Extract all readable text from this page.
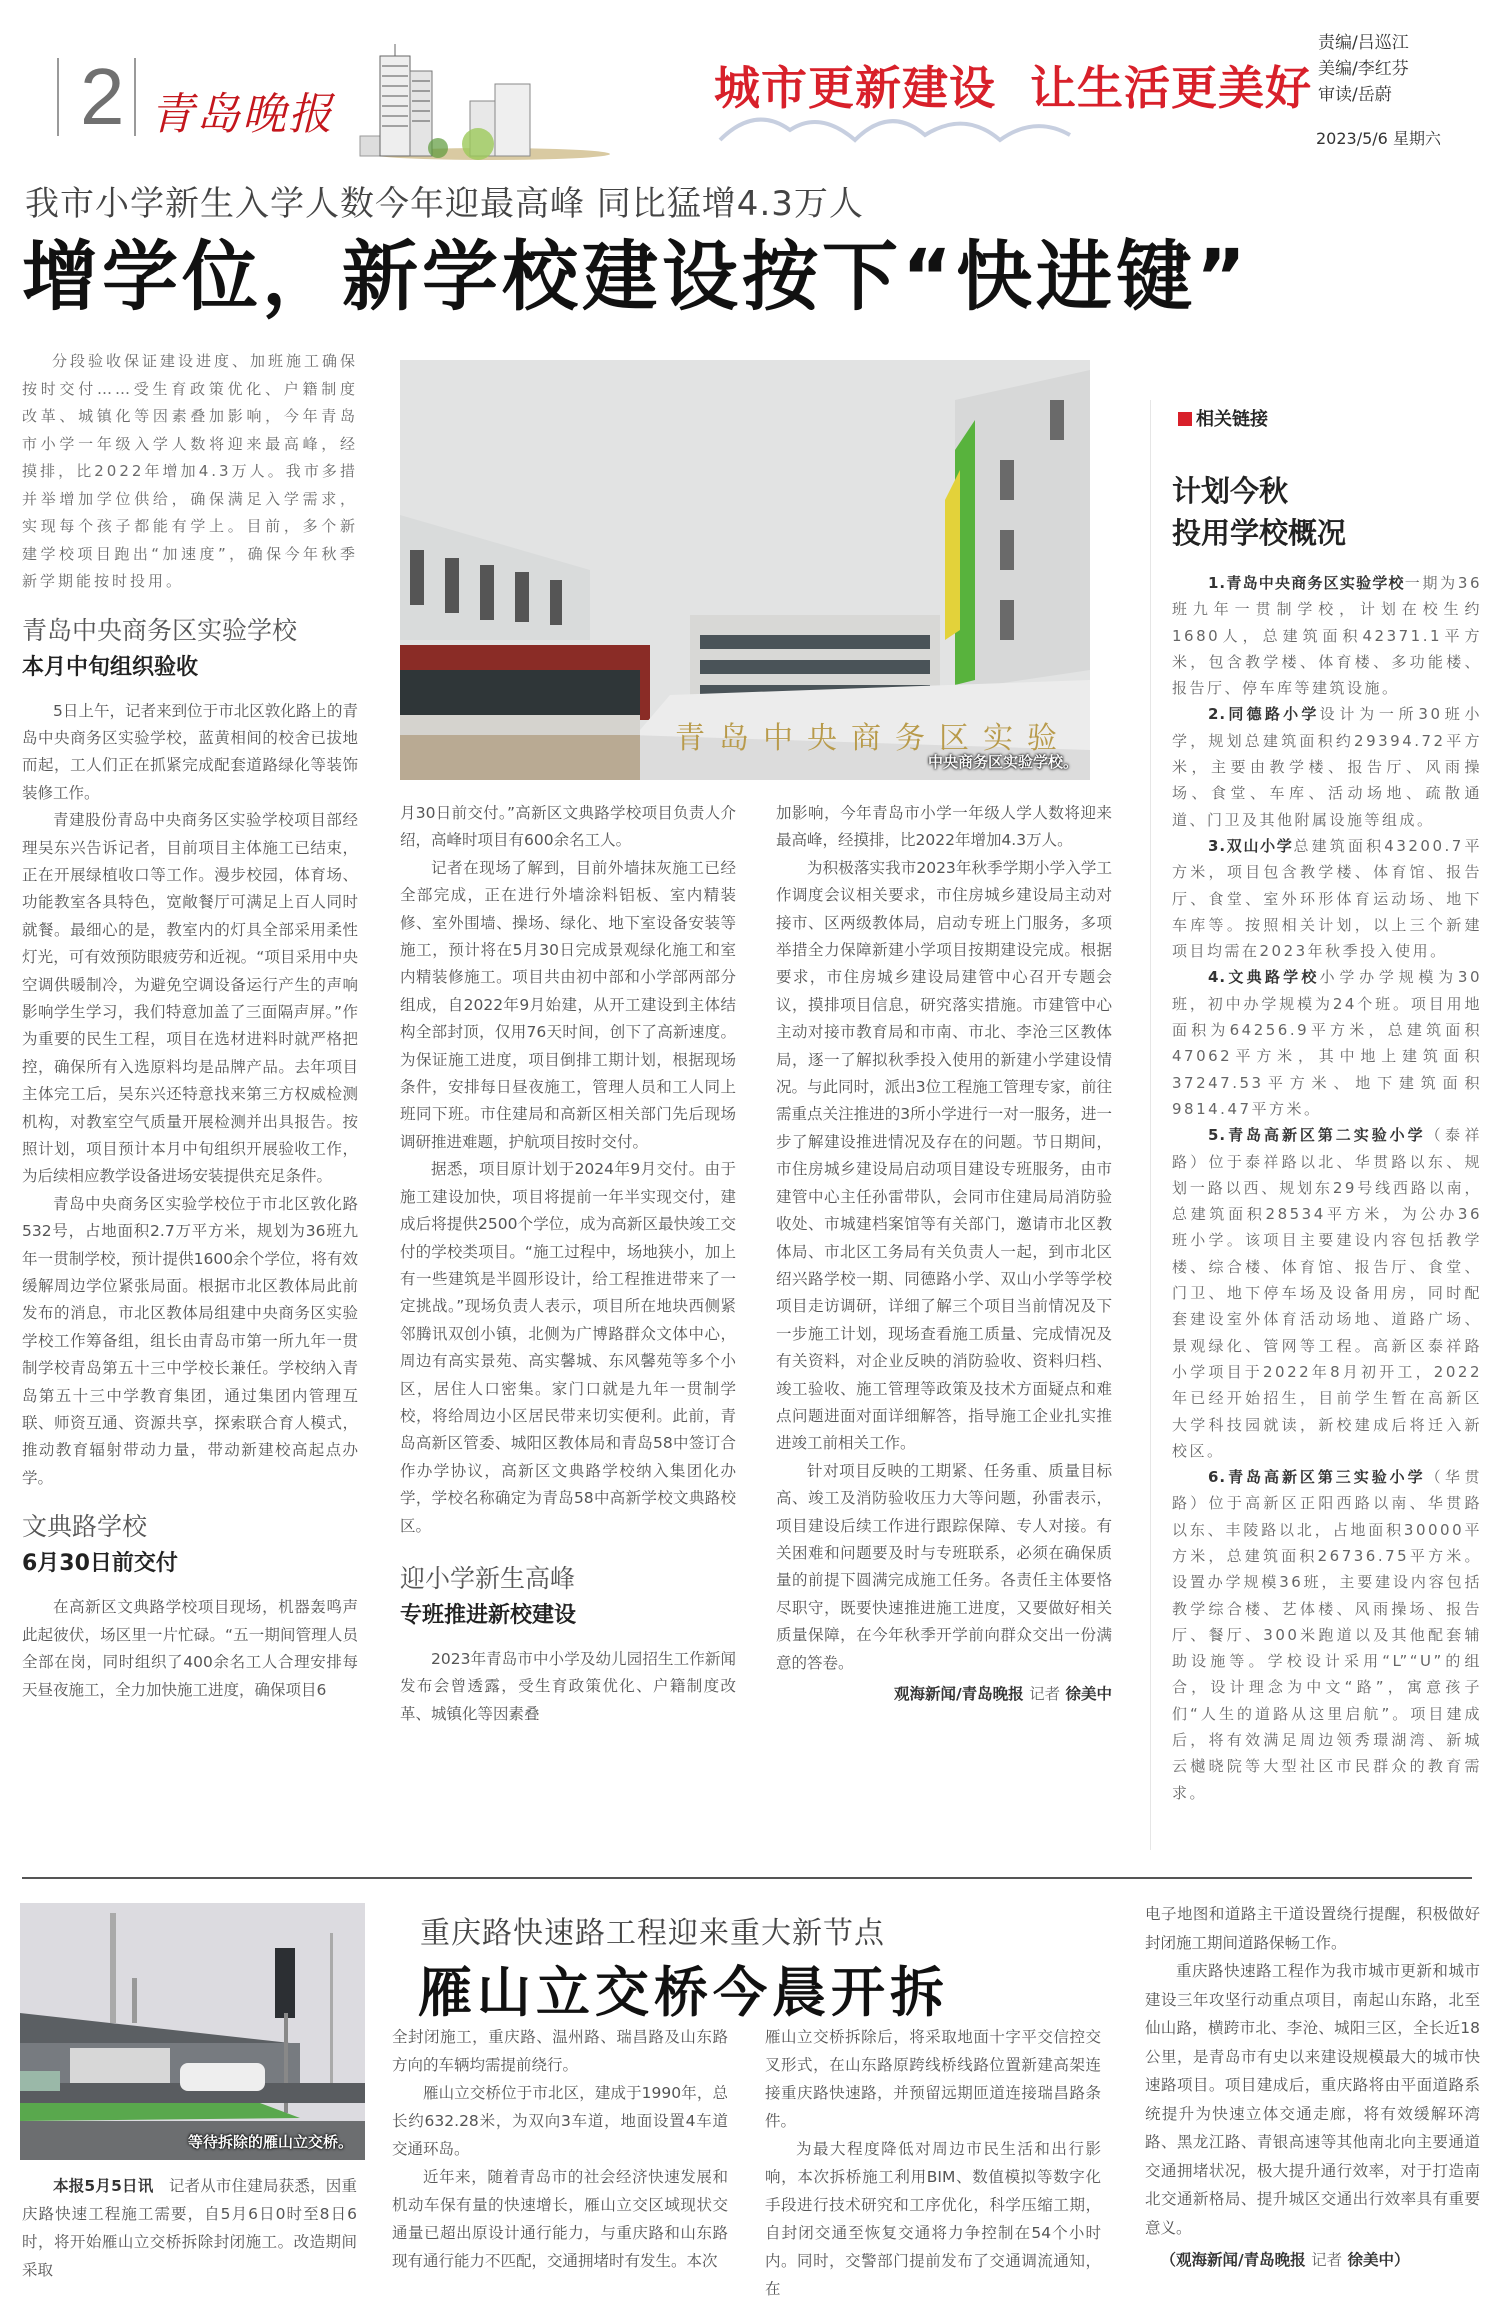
2 青岛晚报	城市更新建设  让生活更美好
责编/吕巡江
美编/李红芬
审读/岳蔚
2023/5/6 星期六
我市小学新生入学人数今年迎最高峰 同比猛增4.3万人
增学位，新学校建设按下“快进键”

分段验收保证建设进度、加班施工确保按时交付……受生育政策优化、户籍制度改革、城镇化等因素叠加影响，今年青岛市小学一年级入学人数将迎来最高峰，经摸排，比2022年增加4.3万人。我市多措并举增加学位供给，确保满足入学需求，实现每个孩子都能有学上。目前，多个新建学校项目跑出“加速度”，确保今年秋季新学期能按时投用。

青岛中央商务区实验学校
本月中旬组织验收

5日上午，记者来到位于市北区敦化路上的青岛中央商务区实验学校，蓝黄相间的校舍已拔地而起，工人们正在抓紧完成配套道路绿化等装饰装修工作。

青建股份青岛中央商务区实验学校项目部经理吴东兴告诉记者，目前项目主体施工已结束，正在开展绿植收口等工作。漫步校园，体育场、功能教室各具特色，宽敞餐厅可满足上百人同时就餐。最细心的是，教室内的灯具全部采用柔性灯光，可有效预防眼疲劳和近视。“项目采用中央空调供暖制冷，为避免空调设备运行产生的声响影响学生学习，我们特意加盖了三面隔声屏。”作为重要的民生工程，项目在选材进料时就严格把控，确保所有入选原料均是品牌产品。去年项目主体完工后，吴东兴还特意找来第三方权威检测机构，对教室空气质量开展检测并出具报告。按照计划，项目预计本月中旬组织开展验收工作，为后续相应教学设备进场安装提供充足条件。

青岛中央商务区实验学校位于市北区敦化路532号，占地面积2.7万平方米，规划为36班九年一贯制学校，预计提供1600余个学位，将有效缓解周边学位紧张局面。根据市北区教体局此前发布的消息，市北区教体局组建中央商务区实验学校工作筹备组，组长由青岛市第一所九年一贯制学校青岛第五十三中学校长兼任。学校纳入青岛第五十三中学教育集团，通过集团内管理互联、师资互通、资源共享，探索联合育人模式，推动教育辐射带动力量，带动新建校高起点办学。

文典路学校
6月30日前交付

在高新区文典路学校项目现场，机器轰鸣声此起彼伏，场区里一片忙碌。“五一期间管理人员全部在岗，同时组织了400余名工人合理安排每天昼夜施工，全力加快施工进度，确保项目6

青岛中央商务区实验
中央商务区实验学校。

月30日前交付。”高新区文典路学校项目负责人介绍，高峰时项目有600余名工人。

记者在现场了解到，目前外墙抹灰施工已经全部完成，正在进行外墙涂料铝板、室内精装修、室外围墙、操场、绿化、地下室设备安装等施工，预计将在5月30日完成景观绿化施工和室内精装修施工。项目共由初中部和小学部两部分组成，自2022年9月始建，从开工建设到主体结构全部封顶，仅用76天时间，创下了高新速度。为保证施工进度，项目倒排工期计划，根据现场条件，安排每日昼夜施工，管理人员和工人同上班同下班。市住建局和高新区相关部门先后现场调研推进难题，护航项目按时交付。

据悉，项目原计划于2024年9月交付。由于施工建设加快，项目将提前一年半实现交付，建成后将提供2500个学位，成为高新区最快竣工交付的学校类项目。“施工过程中，场地狭小，加上有一些建筑是半圆形设计，给工程推进带来了一定挑战。”现场负责人表示，项目所在地块西侧紧邻腾讯双创小镇，北侧为广博路群众文体中心，周边有高实景苑、高实馨城、东风馨苑等多个小区，居住人口密集。家门口就是九年一贯制学校，将给周边小区居民带来切实便利。此前，青岛高新区管委、城阳区教体局和青岛58中签订合作办学协议，高新区文典路学校纳入集团化办学，学校名称确定为青岛58中高新学校文典路校区。

迎小学新生高峰
专班推进新校建设

2023年青岛市中小学及幼儿园招生工作新闻发布会曾透露，受生育政策优化、户籍制度改革、城镇化等因素叠

加影响，今年青岛市小学一年级人学人数将迎来最高峰，经摸排，比2022年增加4.3万人。

为积极落实我市2023年秋季学期小学入学工作调度会议相关要求，市住房城乡建设局主动对接市、区两级教体局，启动专班上门服务，多项举措全力保障新建小学项目按期建设完成。根据要求，市住房城乡建设局建管中心召开专题会议，摸排项目信息，研究落实措施。市建管中心主动对接市教育局和市南、市北、李沧三区教体局，逐一了解拟秋季投入使用的新建小学建设情况。与此同时，派出3位工程施工管理专家，前往需重点关注推进的3所小学进行一对一服务，进一步了解建设推进情况及存在的问题。节日期间，市住房城乡建设局启动项目建设专班服务，由市建管中心主任孙雷带队，会同市住建局局消防验收处、市城建档案馆等有关部门，邀请市北区教体局、市北区工务局有关负责人一起，到市北区绍兴路学校一期、同德路小学、双山小学等学校项目走访调研，详细了解三个项目当前情况及下一步施工计划，现场查看施工质量、完成情况及有关资料，对企业反映的消防验收、资料归档、竣工验收、施工管理等政策及技术方面疑点和难点问题进面对面详细解答，指导施工企业扎实推进竣工前相关工作。

针对项目反映的工期紧、任务重、质量目标高、竣工及消防验收压力大等问题，孙雷表示，项目建设后续工作进行跟踪保障、专人对接。有关困难和问题要及时与专班联系，必须在确保质量的前提下圆满完成施工任务。各责任主体要恪尽职守，既要快速推进施工进度，又要做好相关质量保障，在今年秋季开学前向群众交出一份满意的答卷。

观海新闻/青岛晚报 记者 徐美中
相关链接
计划今秋
投用学校概况

1.青岛中央商务区实验学校一期为36班九年一贯制学校，计划在校生约1680人，总建筑面积42371.1平方米，包含教学楼、体育楼、多功能楼、报告厅、停车库等建筑设施。

2.同德路小学设计为一所30班小学，规划总建筑面积约29394.72平方米，主要由教学楼、报告厅、风雨操场、食堂、车库、活动场地、疏散通道、门卫及其他附属设施等组成。

3.双山小学总建筑面积43200.7平方米，项目包含教学楼、体育馆、报告厅、食堂、室外环形体育运动场、地下车库等。按照相关计划，以上三个新建项目均需在2023年秋季投入使用。

4.文典路学校小学办学规模为30班，初中办学规模为24个班。项目用地面积为64256.9平方米，总建筑面积47062平方米，其中地上建筑面积37247.53平方米、地下建筑面积9814.47平方米。

5.青岛高新区第二实验小学（泰祥路）位于泰祥路以北、华贯路以东、规划一路以西、规划东29号线西路以南，总建筑面积28534平方米，为公办36班小学。该项目主要建设内容包括教学楼、综合楼、体育馆、报告厅、食堂、门卫、地下停车场及设备用房，同时配套建设室外体育活动场地、道路广场、景观绿化、管网等工程。高新区泰祥路小学项目于2022年8月初开工，2022年已经开始招生，目前学生暂在高新区大学科技园就读，新校建成后将迁入新校区。

6.青岛高新区第三实验小学（华贯路）位于高新区正阳西路以南、华贯路以东、丰陵路以北，占地面积30000平方米，总建筑面积26736.75平方米。设置办学规模36班，主要建设内容包括教学综合楼、艺体楼、风雨操场、报告厅、餐厅、300米跑道以及其他配套辅助设施等。学校设计采用“L”“U”的组合，设计理念为中文“路”，寓意孩子们“人生的道路从这里启航”。项目建成后，将有效满足周边领秀璟湖湾、新城云樾晓院等大型社区市民群众的教育需求。

等待拆除的雁山立交桥。

本报5月5日讯 记者从市住建局获悉，因重庆路快速工程施工需要，自5月6日0时至8日6时，将开始雁山立交桥拆除封闭施工。改造期间采取

重庆路快速路工程迎来重大新节点
雁山立交桥今晨开拆

全封闭施工，重庆路、温州路、瑞昌路及山东路方向的车辆均需提前绕行。

雁山立交桥位于市北区，建成于1990年，总长约632.28米，为双向3车道，地面设置4车道交通环岛。

近年来，随着青岛市的社会经济快速发展和机动车保有量的快速增长，雁山立交区域现状交通量已超出原设计通行能力，与重庆路和山东路现有通行能力不匹配，交通拥堵时有发生。本次

雁山立交桥拆除后，将采取地面十字平交信控交叉形式，在山东路原跨线桥线路位置新建高架连接重庆路快速路，并预留远期匝道连接瑞昌路条件。

为最大程度降低对周边市民生活和出行影响，本次拆桥施工利用BIM、数值模拟等数字化手段进行技术研究和工序优化，科学压缩工期，自封闭交通至恢复交通将力争控制在54个小时内。同时，交警部门提前发布了交通调流通知，在

电子地图和道路主干道设置绕行提醒，积极做好封闭施工期间道路保畅工作。

重庆路快速路工程作为我市城市更新和城市建设三年攻坚行动重点项目，南起山东路，北至仙山路，横跨市北、李沧、城阳三区，全长近18公里，是青岛市有史以来建设规模最大的城市快速路项目。项目建成后，重庆路将由平面道路系统提升为快速立体交通走廊，将有效缓解环湾路、黑龙江路、青银高速等其他南北向主要通道交通拥堵状况，极大提升通行效率，对于打造南北交通新格局、提升城区交通出行效率具有重要意义。

（观海新闻/青岛晚报 记者 徐美中）
